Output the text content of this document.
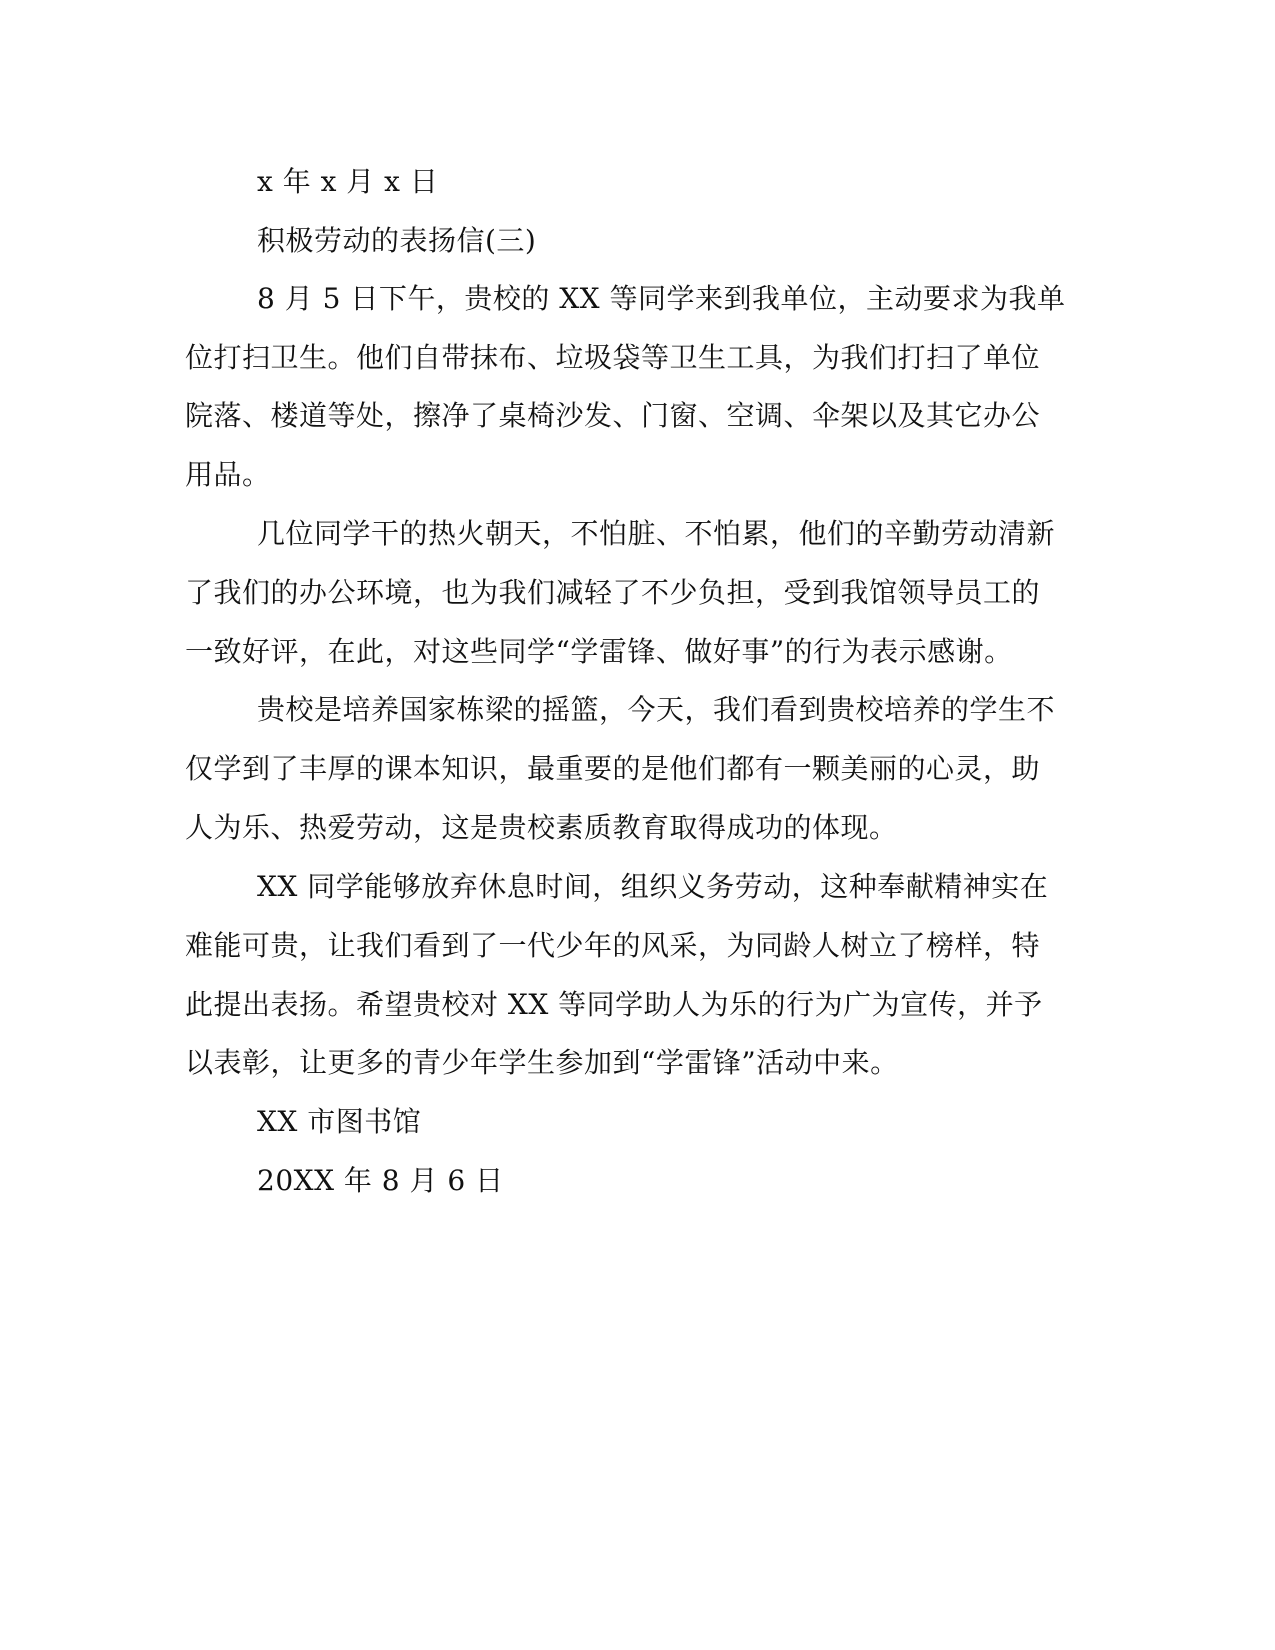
x 年 x 月 x 日
积极劳动的表扬信(三)
8 月 5 日下午，贵校的 XX 等同学来到我单位，主动要求为我单
位打扫卫生。他们自带抹布、垃圾袋等卫生工具，为我们打扫了单位
院落、楼道等处，擦净了桌椅沙发、门窗、空调、伞架以及其它办公
用品。
几位同学干的热火朝天，不怕脏、不怕累，他们的辛勤劳动清新
了我们的办公环境，也为我们减轻了不少负担，受到我馆领导员工的
一致好评，在此，对这些同学“学雷锋、做好事”的行为表示感谢。
贵校是培养国家栋梁的摇篮，今天，我们看到贵校培养的学生不
仅学到了丰厚的课本知识，最重要的是他们都有一颗美丽的心灵，助
人为乐、热爱劳动，这是贵校素质教育取得成功的体现。
XX 同学能够放弃休息时间，组织义务劳动，这种奉献精神实在
难能可贵，让我们看到了一代少年的风采，为同龄人树立了榜样，特
此提出表扬。希望贵校对 XX 等同学助人为乐的行为广为宣传，并予
以表彰，让更多的青少年学生参加到“学雷锋”活动中来。
XX 市图书馆
20XX 年 8 月 6 日
